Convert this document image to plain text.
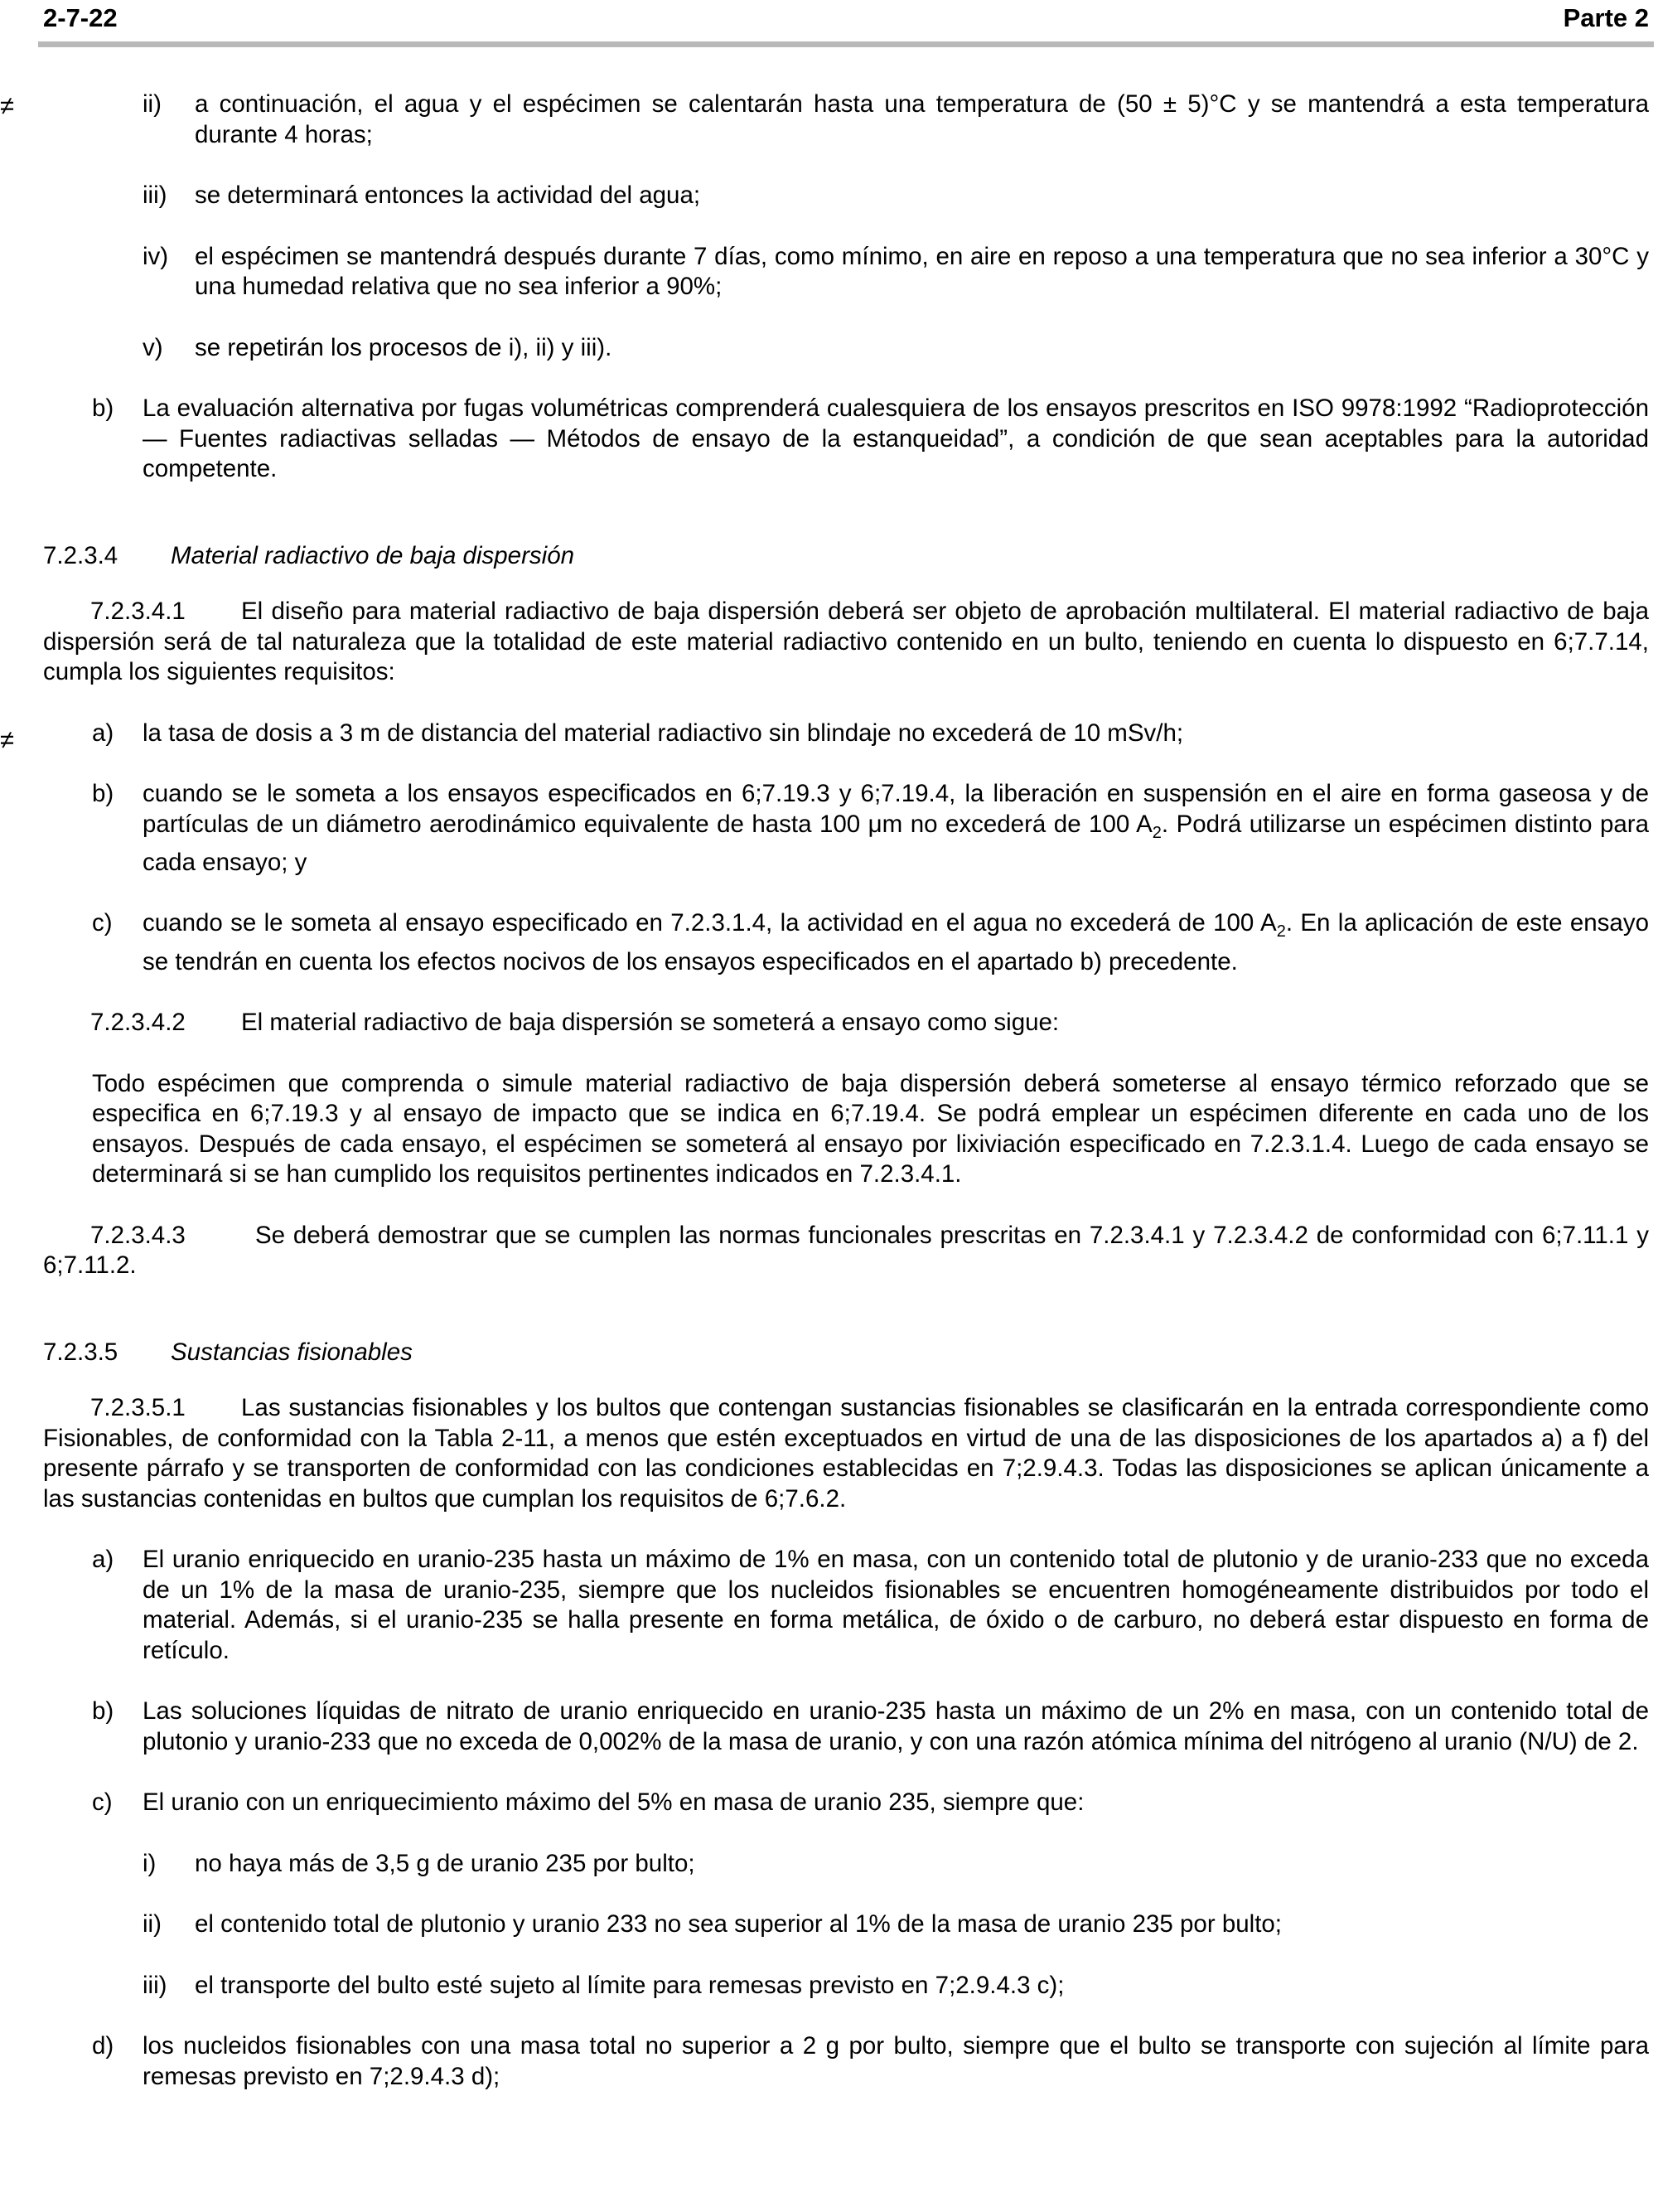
2-7-22	Parte 2
≠
≠
ii)	a continuación, el agua y el espécimen se calentarán hasta una temperatura de (50 ± 5)°C y se mantendrá a esta temperatura durante 4 horas;
iii)	se determinará entonces la actividad del agua;
iv)	el espécimen se mantendrá después durante 7 días, como mínimo, en aire en reposo a una temperatura que no sea inferior a 30°C y una humedad relativa que no sea inferior a 90%;
v)	se repetirán los procesos de i), ii) y iii).
b)	La evaluación alternativa por fugas volumétricas comprenderá cualesquiera de los ensayos prescritos en ISO 9978:1992 “Radioprotección — Fuentes radiactivas selladas — Métodos de ensayo de la estanqueidad”, a condición de que sean aceptables para la autoridad competente.
7.2.3.4	Material radiactivo de baja dispersión
7.2.3.4.1 El diseño para material radiactivo de baja dispersión deberá ser objeto de aprobación multilateral. El material radiactivo de baja dispersión será de tal naturaleza que la totalidad de este material radiactivo contenido en un bulto, teniendo en cuenta lo dispuesto en 6;7.7.14, cumpla los siguientes requisitos:
a)	la tasa de dosis a 3 m de distancia del material radiactivo sin blindaje no excederá de 10 mSv/h;
b)	cuando se le someta a los ensayos especificados en 6;7.19.3 y 6;7.19.4, la liberación en suspensión en el aire en forma gaseosa y de partículas de un diámetro aerodinámico equivalente de hasta 100 μm no excederá de 100 $A_2$. Podrá utilizarse un espécimen distinto para cada ensayo; y
c)	cuando se le someta al ensayo especificado en 7.2.3.1.4, la actividad en el agua no excederá de 100 $A_2$. En la aplicación de este ensayo se tendrán en cuenta los efectos nocivos de los ensayos especificados en el apartado b) precedente.
7.2.3.4.2 El material radiactivo de baja dispersión se someterá a ensayo como sigue:
Todo espécimen que comprenda o simule material radiactivo de baja dispersión deberá someterse al ensayo térmico reforzado que se especifica en 6;7.19.3 y al ensayo de impacto que se indica en 6;7.19.4. Se podrá emplear un espécimen diferente en cada uno de los ensayos. Después de cada ensayo, el espécimen se someterá al ensayo por lixiviación especificado en 7.2.3.1.4. Luego de cada ensayo se determinará si se han cumplido los requisitos pertinentes indicados en 7.2.3.4.1.
7.2.3.4.3	Se deberá demostrar que se cumplen las normas funcionales prescritas en 7.2.3.4.1 y 7.2.3.4.2 de conformidad con 6;7.11.1 y 6;7.11.2.
7.2.3.5	Sustancias fisionables
7.2.3.5.1 Las sustancias fisionables y los bultos que contengan sustancias fisionables se clasificarán en la entrada correspondiente como Fisionables, de conformidad con la Tabla 2-11, a menos que estén exceptuados en virtud de una de las disposiciones de los apartados a) a f) del presente párrafo y se transporten de conformidad con las condiciones establecidas en 7;2.9.4.3. Todas las disposiciones se aplican únicamente a las sustancias contenidas en bultos que cumplan los requisitos de 6;7.6.2.
a)	El uranio enriquecido en uranio-235 hasta un máximo de 1% en masa, con un contenido total de plutonio y de uranio-233 que no exceda de un 1% de la masa de uranio-235, siempre que los nucleidos fisionables se encuentren homogéneamente distribuidos por todo el material. Además, si el uranio-235 se halla presente en forma metálica, de óxido o de carburo, no deberá estar dispuesto en forma de retículo.
b)	Las soluciones líquidas de nitrato de uranio enriquecido en uranio-235 hasta un máximo de un 2% en masa, con un contenido total de plutonio y uranio-233 que no exceda de 0,002% de la masa de uranio, y con una razón atómica mínima del nitrógeno al uranio (N/U) de 2.
c)	El uranio con un enriquecimiento máximo del 5% en masa de uranio 235, siempre que:
i)	no haya más de 3,5 g de uranio 235 por bulto;
ii)	el contenido total de plutonio y uranio 233 no sea superior al 1% de la masa de uranio 235 por bulto;
iii)	el transporte del bulto esté sujeto al límite para remesas previsto en 7;2.9.4.3 c);
d)	los nucleidos fisionables con una masa total no superior a 2 g por bulto, siempre que el bulto se transporte con sujeción al límite para remesas previsto en 7;2.9.4.3 d);
